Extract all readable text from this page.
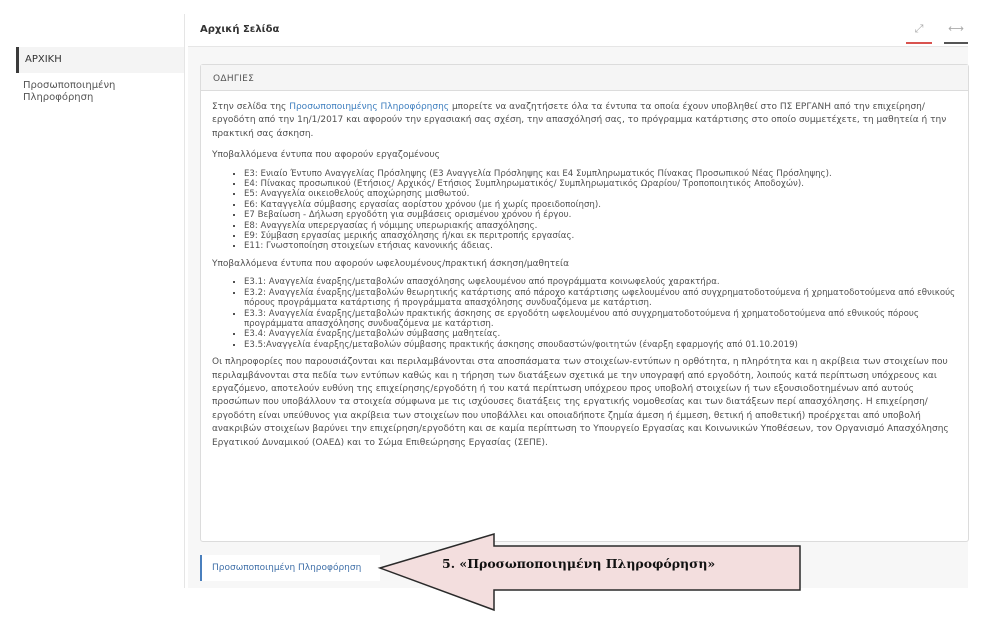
ΑΡΧΙΚΗ
Προσωποποιημένη Πληροφόρηση
Αρχική Σελίδα	⤢	⟷
ΟΔΗΓΙΕΣ

Στην σελίδα της Προσωποποιημένης Πληροφόρησης μπορείτε να αναζητήσετε όλα τα έντυπα τα οποία έχουν υποβληθεί στο ΠΣ ΕΡΓΑΝΗ από την επιχείρηση/ εργοδότη από την 1η/1/2017 και αφορούν την εργασιακή σας σχέση, την απασχόλησή σας, το πρόγραμμα κατάρτισης στο οποίο συμμετέχετε, τη μαθητεία ή την πρακτική σας άσκηση.

Υποβαλλόμενα έντυπα που αφορούν εργαζομένους

▪ Ε3: Ενιαίο Έντυπο Αναγγελίας Πρόσληψης (Ε3 Αναγγελία Πρόσληψης και Ε4 Συμπληρωματικός Πίνακας Προσωπικού Νέας Πρόσληψης).
▪ Ε4: Πίνακας προσωπικού (Ετήσιος/ Αρχικός/ Ετήσιος Συμπληρωματικός/ Συμπληρωματικός Ωραρίου/ Τροποποιητικός Αποδοχών).
▪ Ε5: Αναγγελία οικειοθελούς αποχώρησης μισθωτού.
▪ Ε6: Καταγγελία σύμβασης εργασίας αορίστου χρόνου (με ή χωρίς προειδοποίηση).
▪ Ε7 Βεβαίωση - Δήλωση εργοδότη για συμβάσεις ορισμένου χρόνου ή έργου.
▪ Ε8: Αναγγελία υπερεργασίας ή νόμιμης υπερωριακής απασχόλησης.
▪ Ε9: Σύμβαση εργασίας μερικής απασχόλησης ή/και εκ περιτροπής εργασίας.
▪ Ε11: Γνωστοποίηση στοιχείων ετήσιας κανονικής άδειας.

Υποβαλλόμενα έντυπα που αφορούν ωφελουμένους/πρακτική άσκηση/μαθητεία

▪ Ε3.1: Αναγγελία έναρξης/μεταβολών απασχόλησης ωφελουμένου από προγράμματα κοινωφελούς χαρακτήρα.
▪ Ε3.2: Αναγγελία έναρξης/μεταβολών θεωρητικής κατάρτισης από πάροχο κατάρτισης ωφελουμένου από συγχρηματοδοτούμενα ή χρηματοδοτούμενα από εθνικούς πόρους προγράμματα κατάρτισης ή προγράμματα απασχόλησης συνδυαζόμενα με κατάρτιση.
▪ Ε3.3: Αναγγελία έναρξης/μεταβολών πρακτικής άσκησης σε εργοδότη ωφελουμένου από συγχρηματοδοτούμενα ή χρηματοδοτούμενα από εθνικούς πόρους προγράμματα απασχόλησης συνδυαζόμενα με κατάρτιση.
▪ Ε3.4: Αναγγελία έναρξης/μεταβολών σύμβασης μαθητείας.
▪ Ε3.5:Αναγγελία έναρξης/μεταβολών σύμβασης πρακτικής άσκησης σπουδαστών/φοιτητών (έναρξη εφαρμογής από 01.10.2019)

Οι πληροφορίες που παρουσιάζονται και περιλαμβάνονται στα αποσπάσματα των στοιχείων-εντύπων η ορθότητα, η πληρότητα και η ακρίβεια των στοιχείων που περιλαμβάνονται στα πεδία των εντύπων καθώς και η τήρηση των διατάξεων σχετικά με την υπογραφή από εργοδότη, λοιπούς κατά περίπτωση υπόχρεους και εργαζόμενο, αποτελούν ευθύνη της επιχείρησης/εργοδότη ή του κατά περίπτωση υπόχρεου προς υποβολή στοιχείων ή των εξουσιοδοτημένων από αυτούς προσώπων που υποβάλλουν τα στοιχεία σύμφωνα με τις ισχύουσες διατάξεις της εργατικής νομοθεσίας και των διατάξεων περί απασχόλησης. Η επιχείρηση/εργοδότη είναι υπεύθυνος για ακρίβεια των στοιχείων που υποβάλλει και οποιαδήποτε ζημία άμεση ή έμμεση, θετική ή αποθετική) προέρχεται από υποβολή ανακριβών στοιχείων βαρύνει την επιχείρηση/εργοδότη και σε καμία περίπτωση το Υπουργείο Εργασίας και Κοινωνικών Υποθέσεων, τον Οργανισμό Απασχόλησης Εργατικού Δυναμικού (ΟΑΕΔ) και το Σώμα Επιθεώρησης Εργασίας (ΣΕΠΕ).

Προσωποποιημένη Πληροφόρηση	5. «Προσωποποιημένη Πληροφόρηση»
